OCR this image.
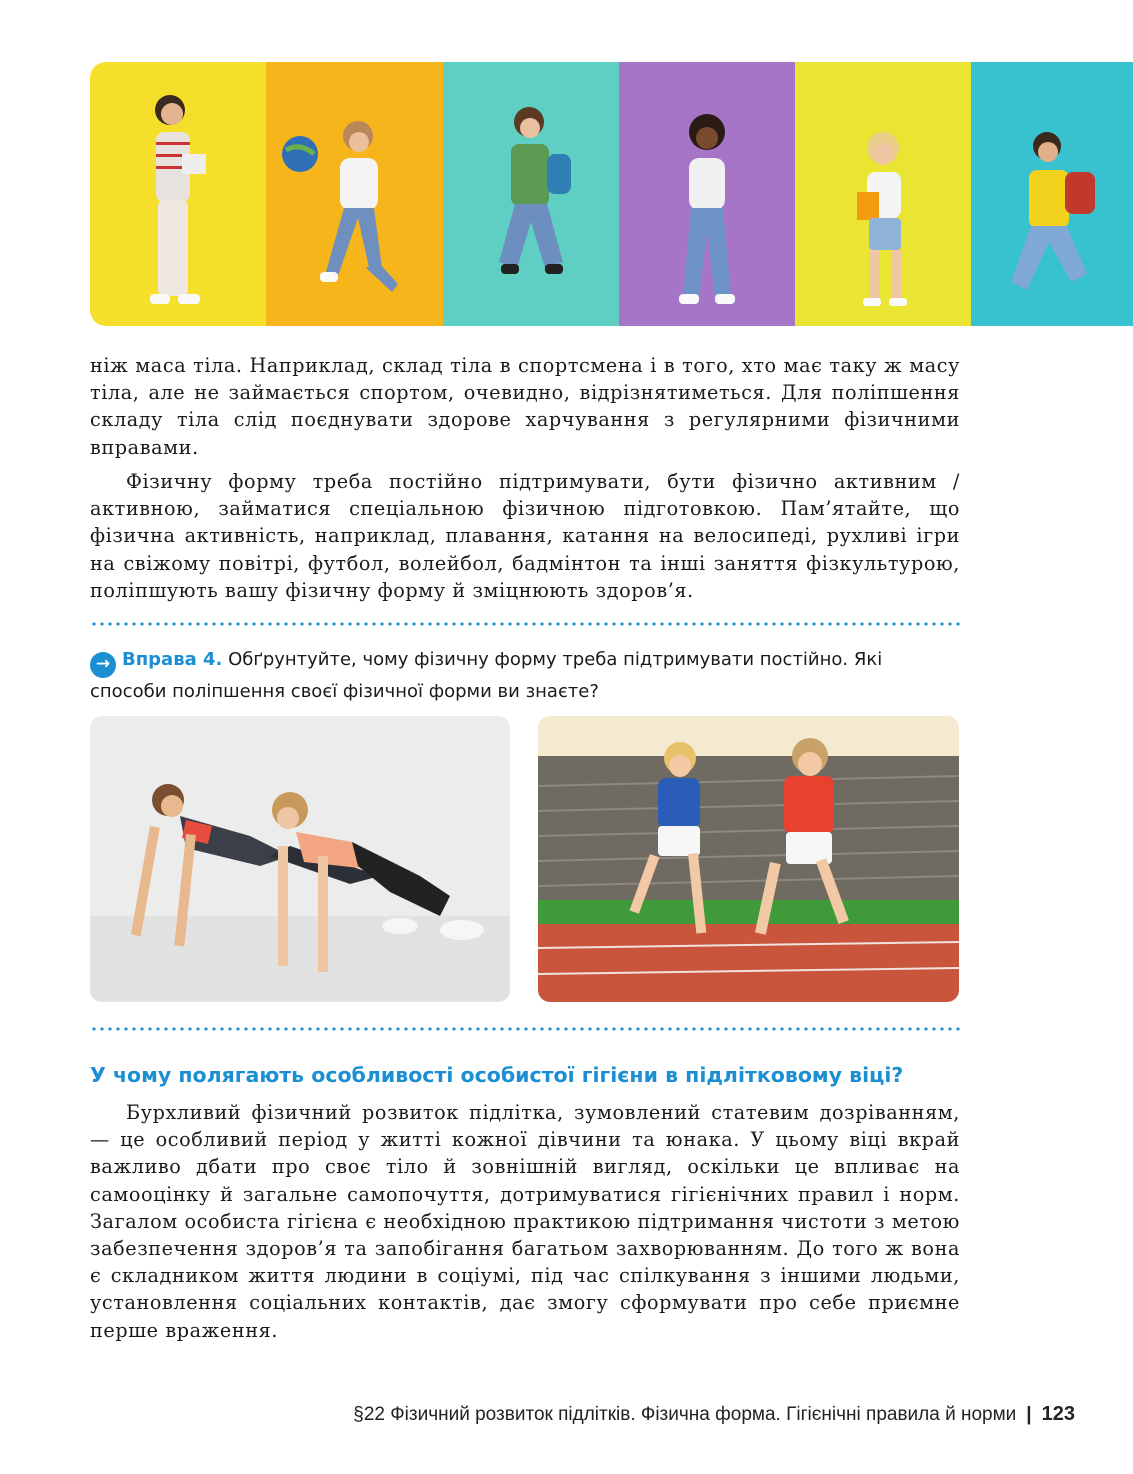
ніж маса тіла. Наприклад, склад тіла в спортсмена і в того, хто має таку ж масу тіла, але не займається спортом, очевидно, відрізнятиметься. Для поліпшення складу тіла слід поєднувати здорове харчування з регулярними фізичними вправами.

Фізичну форму треба постійно підтримувати, бути фізично активним / активною, займатися спеціальною фізичною підготовкою. Пам’ятайте, що фізична активність, наприклад, плавання, катання на велосипеді, рухливі ігри на свіжому повітрі, футбол, волейбол, бадмінтон та інші заняття фізкультурою, поліпшують вашу фізичну форму й зміцнюють здоров’я.

→ Вправа 4. Обґрунтуйте, чому фізичну форму треба підтримувати постійно. Які способи поліпшення своєї фізичної форми ви знаєте?
У чому полягають особливості особистої гігієни в підлітковому віці?

Бурхливий фізичний розвиток підлітка, зумовлений статевим дозріванням, — це особливий період у житті кожної дівчини та юнака. У цьому віці вкрай важливо дбати про своє тіло й зовнішній вигляд, оскільки це впливає на самооцінку й загальне самопочуття, дотримуватися гігієнічних правил і норм. Загалом особиста гігієна є необхідною практикою підтримання чистоти з метою забезпечення здоров’я та запобігання багатьом захворюванням. До того ж вона є складником життя людини в соціумі, під час спілкування з іншими людьми, установлення соціальних контактів, дає змогу сформувати про себе приємне перше враження.

§22 Фізичний розвиток підлітків. Фізична форма. Гігієнічні правила й норми | 123
